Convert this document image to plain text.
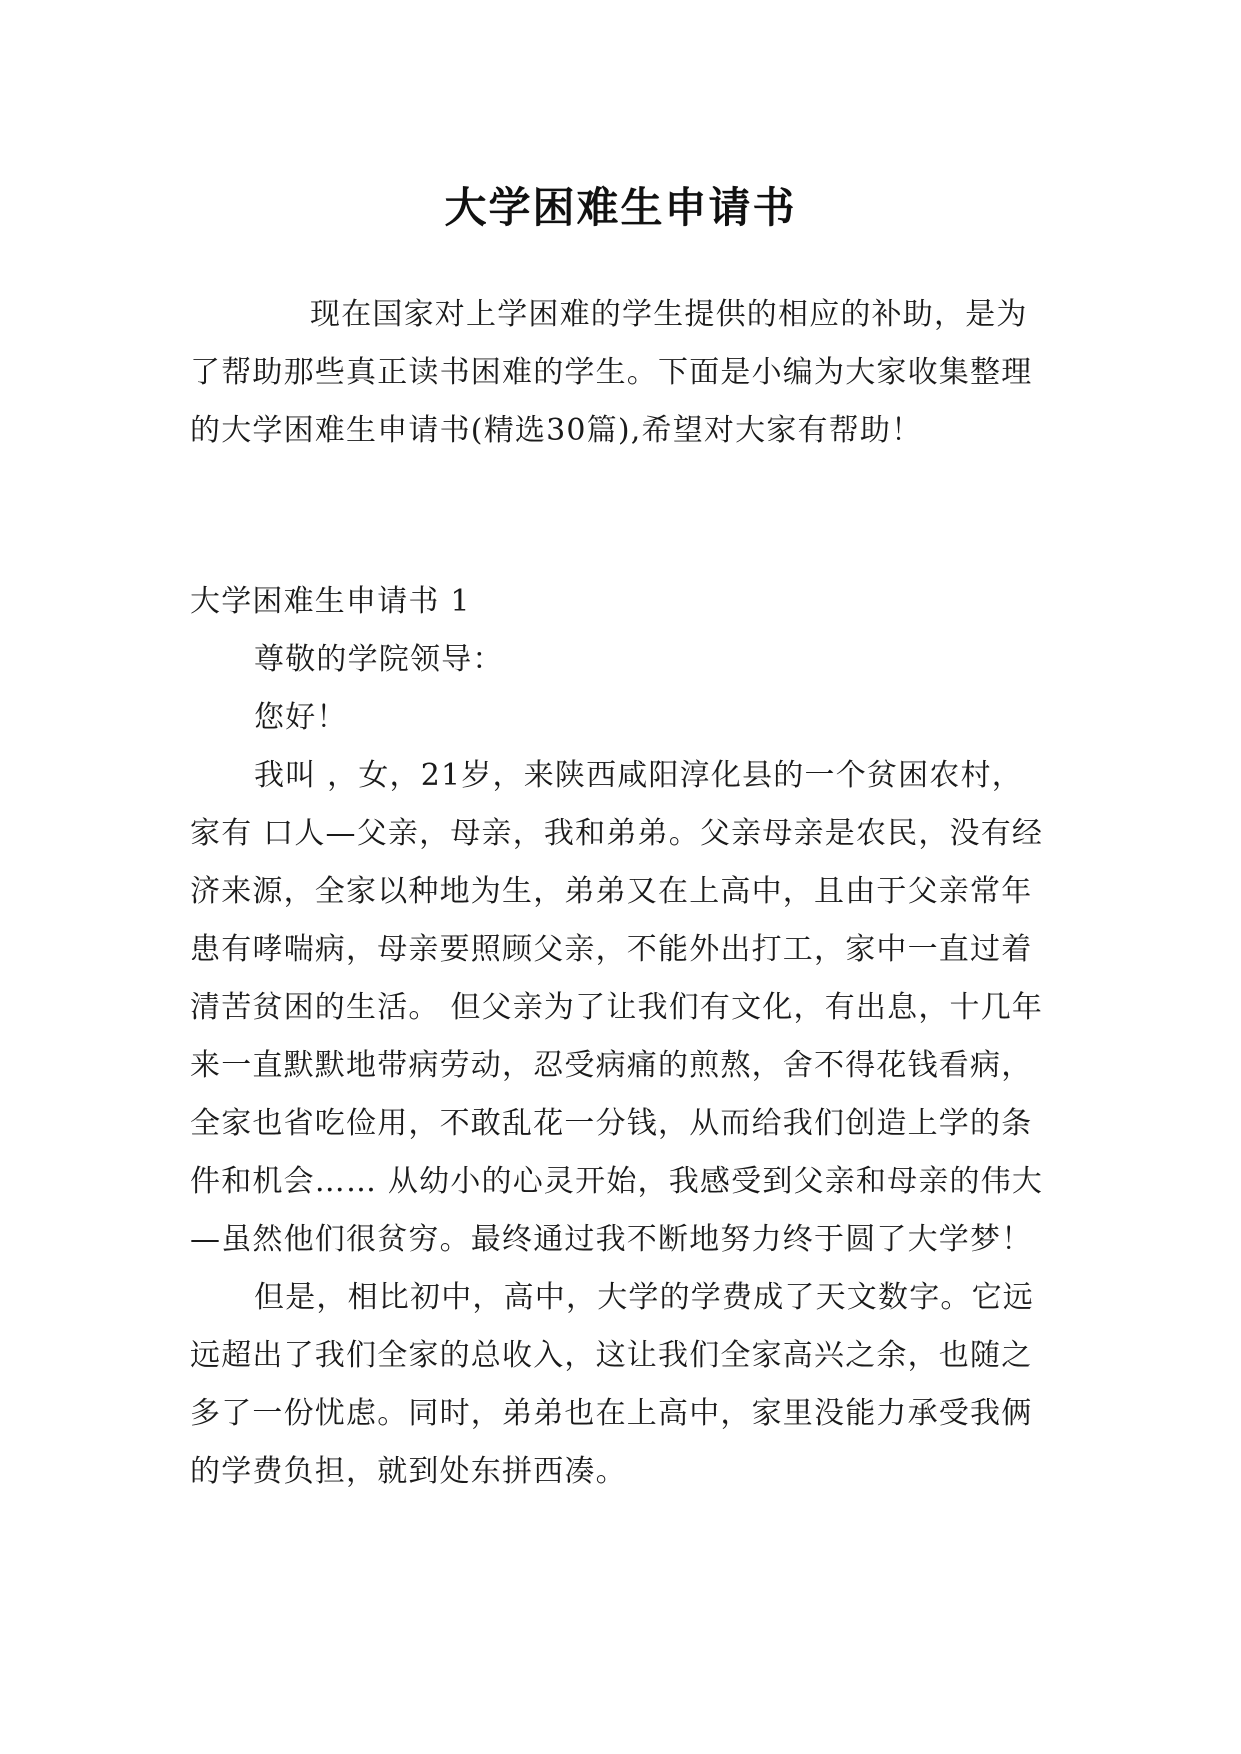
大学困难生申请书

现在国家对上学困难的学生提供的相应的补助，是为了帮助那些真正读书困难的学生。下面是小编为大家收集整理的大学困难生申请书(精选30篇),希望对大家有帮助！

大学困难生申请书 1

尊敬的学院领导：

您好！

我叫 ，女，21岁，来陕西咸阳淳化县的一个贫困农村，家有 口人—父亲，母亲，我和弟弟。父亲母亲是农民，没有经济来源，全家以种地为生，弟弟又在上高中，且由于父亲常年患有哮喘病，母亲要照顾父亲，不能外出打工，家中一直过着清苦贫困的生活。 但父亲为了让我们有文化，有出息，十几年来一直默默地带病劳动，忍受病痛的煎熬，舍不得花钱看病，全家也省吃俭用，不敢乱花一分钱，从而给我们创造上学的条件和机会…… 从幼小的心灵开始，我感受到父亲和母亲的伟大—虽然他们很贫穷。最终通过我不断地努力终于圆了大学梦！

但是，相比初中，高中，大学的学费成了天文数字。它远远超出了我们全家的总收入，这让我们全家高兴之余，也随之多了一份忧虑。同时，弟弟也在上高中，家里没能力承受我俩的学费负担，就到处东拼西凑。
